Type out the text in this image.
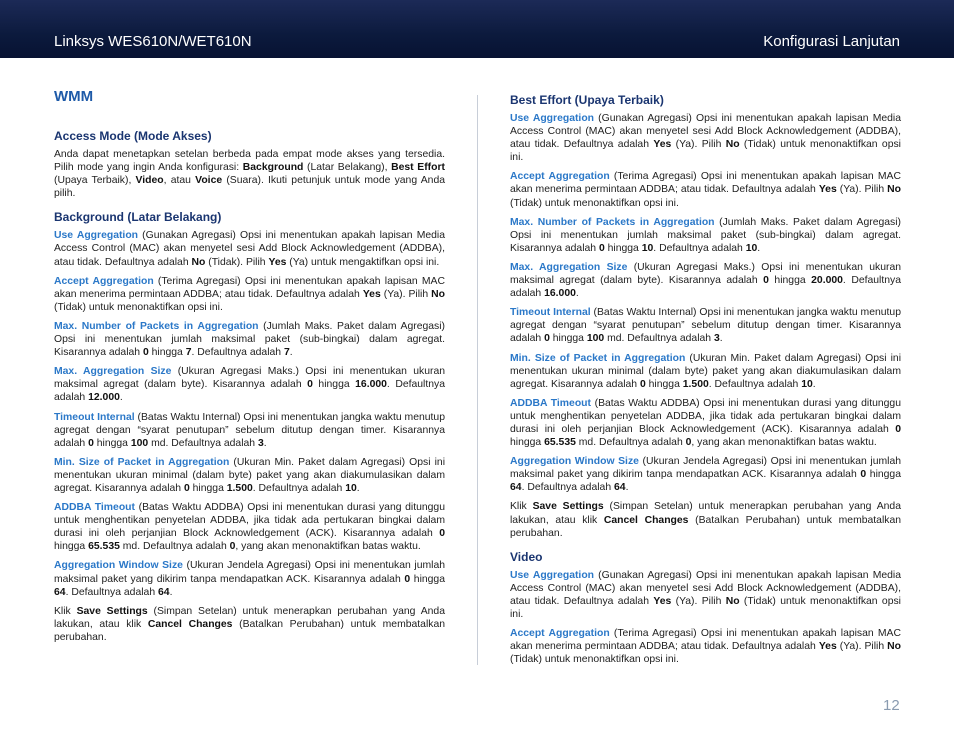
Linksys WES610N/WET610N	Konfigurasi Lanjutan
WMM
Access Mode (Mode Akses)

Anda dapat menetapkan setelan berbeda pada empat mode akses yang tersedia. Pilih mode yang ingin Anda konfigurasi: Background (Latar Belakang), Best Effort (Upaya Terbaik), Video, atau Voice (Suara). Ikuti petunjuk untuk mode yang Anda pilih.

Background (Latar Belakang)

Use Aggregation (Gunakan Agregasi) Opsi ini menentukan apakah lapisan Media Access Control (MAC) akan menyetel sesi Add Block Acknowledgement (ADDBA), atau tidak. Defaultnya adalah No (Tidak). Pilih Yes (Ya) untuk mengaktifkan opsi ini.

Accept Aggregation (Terima Agregasi) Opsi ini menentukan apakah lapisan MAC akan menerima permintaan ADDBA; atau tidak. Defaultnya adalah Yes (Ya). Pilih No (Tidak) untuk menonaktifkan opsi ini.

Max. Number of Packets in Aggregation (Jumlah Maks. Paket dalam Agregasi) Opsi ini menentukan jumlah maksimal paket (sub-bingkai) dalam agregat. Kisarannya adalah 0 hingga 7. Defaultnya adalah 7.

Max. Aggregation Size (Ukuran Agregasi Maks.) Opsi ini menentukan ukuran maksimal agregat (dalam byte). Kisarannya adalah 0 hingga 16.000. Defaultnya adalah 12.000.

Timeout Internal (Batas Waktu Internal) Opsi ini menentukan jangka waktu menutup agregat dengan “syarat penutupan” sebelum ditutup dengan timer. Kisarannya adalah 0 hingga 100 md. Defaultnya adalah 3.

Min. Size of Packet in Aggregation (Ukuran Min. Paket dalam Agregasi) Opsi ini menentukan ukuran minimal (dalam byte) paket yang akan diakumulasikan dalam agregat. Kisarannya adalah 0 hingga 1.500. Defaultnya adalah 10.

ADDBA Timeout (Batas Waktu ADDBA) Opsi ini menentukan durasi yang ditunggu untuk menghentikan penyetelan ADDBA, jika tidak ada pertukaran bingkai dalam durasi ini oleh perjanjian Block Acknowledgement (ACK). Kisarannya adalah 0 hingga 65.535 md. Defaultnya adalah 0, yang akan menonaktifkan batas waktu.

Aggregation Window Size (Ukuran Jendela Agregasi) Opsi ini menentukan jumlah maksimal paket yang dikirim tanpa mendapatkan ACK. Kisarannya adalah 0 hingga 64. Defaultnya adalah 64.

Klik Save Settings (Simpan Setelan) untuk menerapkan perubahan yang Anda lakukan, atau klik Cancel Changes (Batalkan Perubahan) untuk membatalkan perubahan.

Best Effort (Upaya Terbaik)

Use Aggregation (Gunakan Agregasi) Opsi ini menentukan apakah lapisan Media Access Control (MAC) akan menyetel sesi Add Block Acknowledgement (ADDBA), atau tidak. Defaultnya adalah Yes (Ya). Pilih No (Tidak) untuk menonaktifkan opsi ini.

Accept Aggregation (Terima Agregasi) Opsi ini menentukan apakah lapisan MAC akan menerima permintaan ADDBA; atau tidak. Defaultnya adalah Yes (Ya). Pilih No (Tidak) untuk menonaktifkan opsi ini.

Max. Number of Packets in Aggregation (Jumlah Maks. Paket dalam Agregasi) Opsi ini menentukan jumlah maksimal paket (sub-bingkai) dalam agregat. Kisarannya adalah 0 hingga 10. Defaultnya adalah 10.

Max. Aggregation Size (Ukuran Agregasi Maks.) Opsi ini menentukan ukuran maksimal agregat (dalam byte). Kisarannya adalah 0 hingga 20.000. Defaultnya adalah 16.000.

Timeout Internal (Batas Waktu Internal) Opsi ini menentukan jangka waktu menutup agregat dengan “syarat penutupan” sebelum ditutup dengan timer. Kisarannya adalah 0 hingga 100 md. Defaultnya adalah 3.

Min. Size of Packet in Aggregation (Ukuran Min. Paket dalam Agregasi) Opsi ini menentukan ukuran minimal (dalam byte) paket yang akan diakumulasikan dalam agregat. Kisarannya adalah 0 hingga 1.500. Defaultnya adalah 10.

ADDBA Timeout (Batas Waktu ADDBA) Opsi ini menentukan durasi yang ditunggu untuk menghentikan penyetelan ADDBA, jika tidak ada pertukaran bingkai dalam durasi ini oleh perjanjian Block Acknowledgement (ACK). Kisarannya adalah 0 hingga 65.535 md. Defaultnya adalah 0, yang akan menonaktifkan batas waktu.

Aggregation Window Size (Ukuran Jendela Agregasi) Opsi ini menentukan jumlah maksimal paket yang dikirim tanpa mendapatkan ACK. Kisarannya adalah 0 hingga 64. Defaultnya adalah 64.

Klik Save Settings (Simpan Setelan) untuk menerapkan perubahan yang Anda lakukan, atau klik Cancel Changes (Batalkan Perubahan) untuk membatalkan perubahan.

Video

Use Aggregation (Gunakan Agregasi) Opsi ini menentukan apakah lapisan Media Access Control (MAC) akan menyetel sesi Add Block Acknowledgement (ADDBA), atau tidak. Defaultnya adalah Yes (Ya). Pilih No (Tidak) untuk menonaktifkan opsi ini.

Accept Aggregation (Terima Agregasi) Opsi ini menentukan apakah lapisan MAC akan menerima permintaan ADDBA; atau tidak. Defaultnya adalah Yes (Ya). Pilih No (Tidak) untuk menonaktifkan opsi ini.

12
